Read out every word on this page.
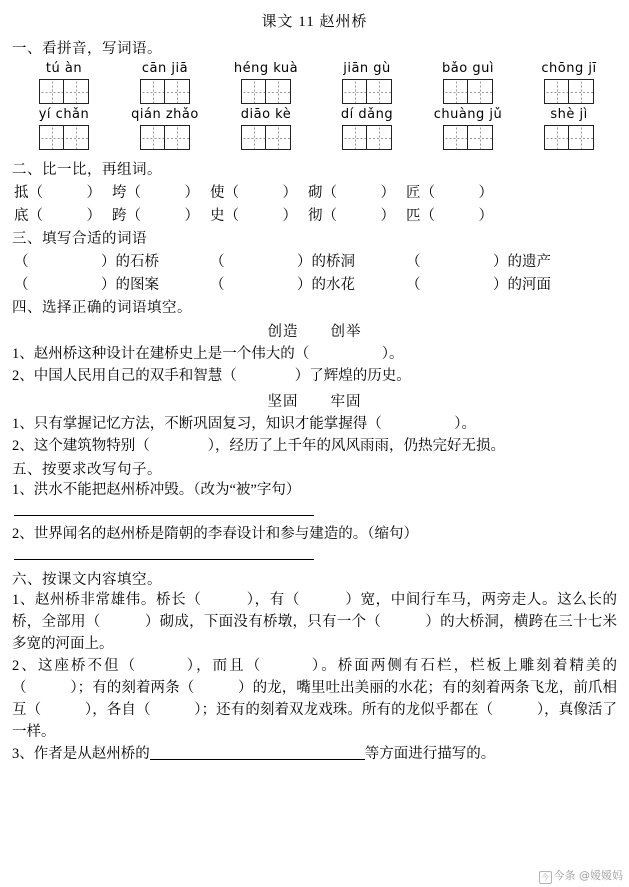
课文 11 赵州桥
一、看拼音，写词语。
tú àn	cān jiā	héng kuà	jiān gù	bǎo guì	chōng jī
yí chǎn	qián zhǎo	diāo kè	dí dǎng	chuàng jǔ	shè jì
二、比一比，再组词。
抵（　　　） 垮（　　　） 使（　　　） 砌（　　　） 匠（　　　）
底（　　　） 跨（　　　） 史（　　　） 彻（　　　） 匹（　　　）
三、填写合适的词语
（　　　　　）的石桥	（　　　　　）的桥洞	（　　　　　）的遗产
（　　　　　）的图案	（　　　　　）的水花	（　　　　　）的河面
四、选择正确的词语填空。
创造 创举
1、赵州桥这种设计在建桥史上是一个伟大的（　　　　　）。
2、中国人民用自己的双手和智慧（　　　　）了辉煌的历史。
坚固 牢固
1、只有掌握记忆方法，不断巩固复习，知识才能掌握得（　　　　　）。
2、这个建筑物特别（　　　　），经历了上千年的风风雨雨，仍热完好无损。
五、按要求改写句子。
1、洪水不能把赵州桥冲毁。（改为“被”字句）
2、世界闻名的赵州桥是隋朝的李春设计和参与建造的。（缩句）
六、按课文内容填空。
1、赵州桥非常雄伟。桥长（　　　），有（　　　）宽，中间行车马，两旁走人。这么长的桥，全部用（　　　）砌成，下面没有桥墩，只有一个（　　　）的大桥洞，横跨在三十七米多宽的河面上。
2、这座桥不但（　　　），而且（　　　）。桥面两侧有石栏，栏板上雕刻着精美的（　　　）；有的刻着两条（　　　）的龙，嘴里吐出美丽的水花；有的刻着两条飞龙，前爪相互（　　　），各自（　　　）；还有的刻着双龙戏珠。所有的龙似乎都在（　　　），真像活了一样。
3、作者是从赵州桥的	等方面进行描写的。
今 今条 @嫒嫒妈
